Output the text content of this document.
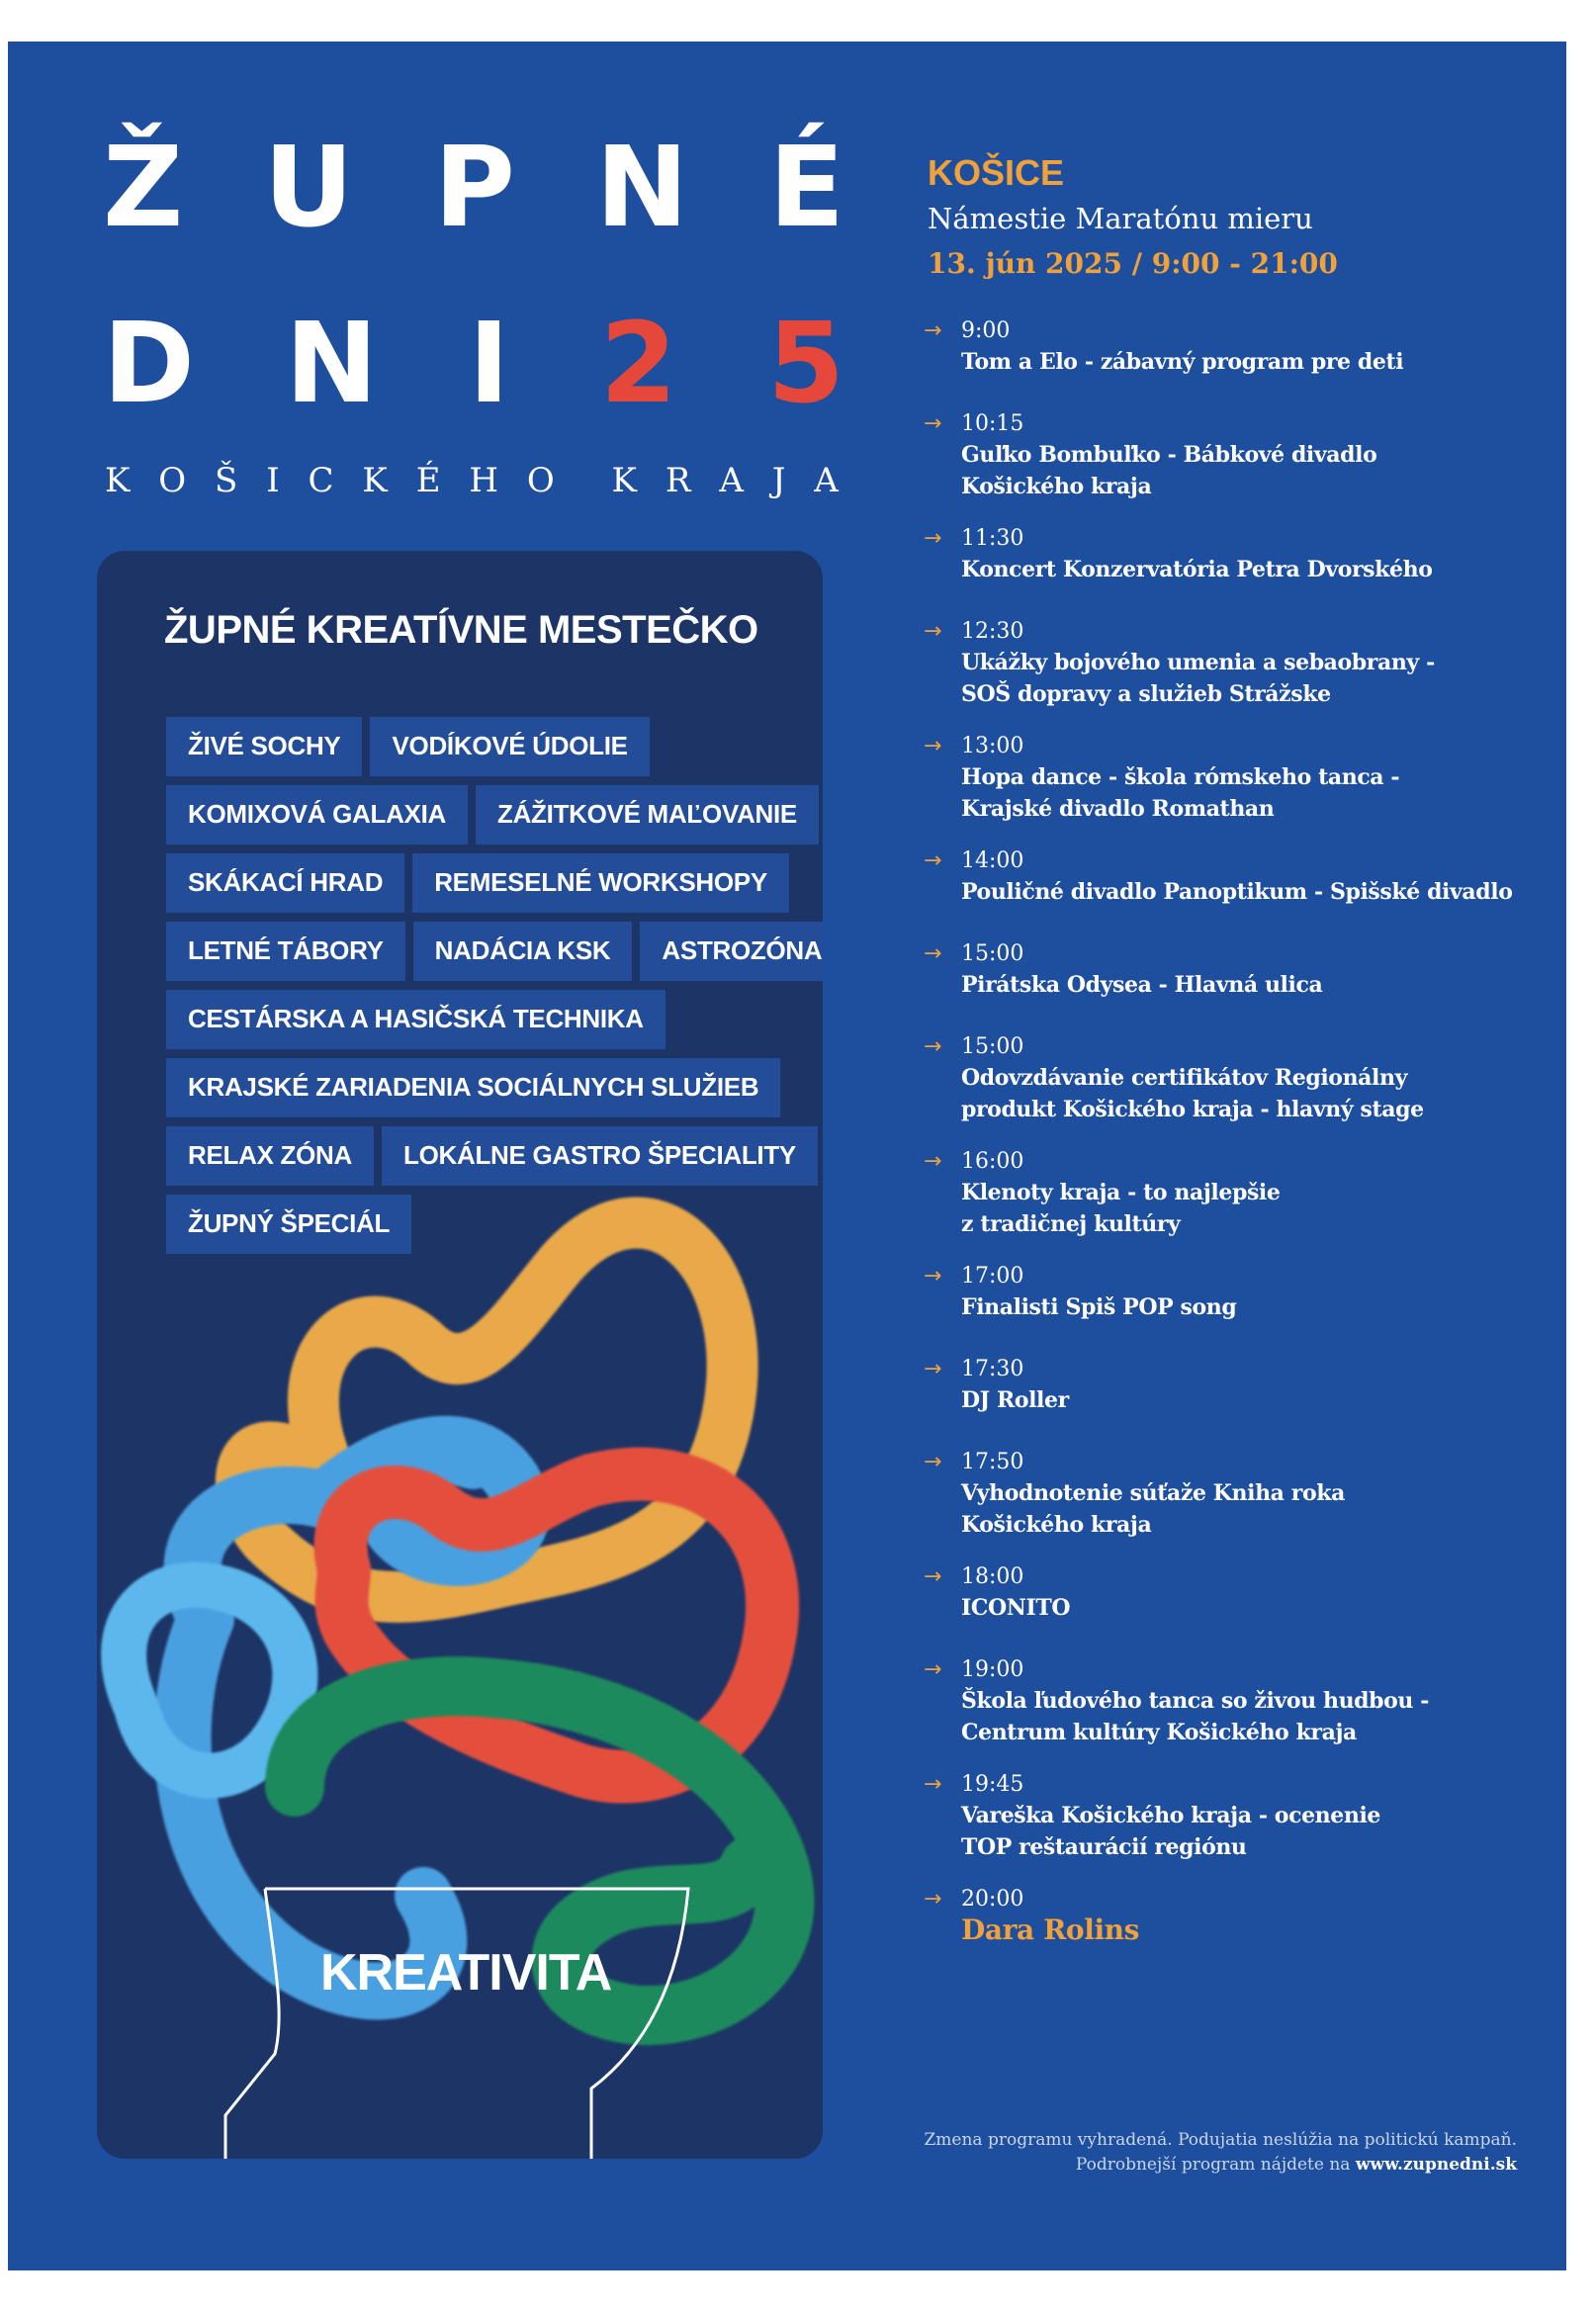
Ž U P N É
D N I 2 5
K O Š I C K É H O K R A J A
ŽUPNÉ KREATÍVNE MESTEČKO
ŽIVÉ SOCHY	VODÍKOVÉ ÚDOLIE
KOMIXOVÁ GALAXIA	ZÁŽITKOVÉ MAĽOVANIE
SKÁKACÍ HRAD	REMESELNÉ WORKSHOPY
LETNÉ TÁBORY	NADÁCIA KSK	ASTROZÓNA
CESTÁRSKA A HASIČSKÁ TECHNIKA
KRAJSKÉ ZARIADENIA SOCIÁLNYCH SLUŽIEB
RELAX ZÓNA	LOKÁLNE GASTRO ŠPECIALITY
ŽUPNÝ ŠPECIÁL
KREATIVITA
KOŠICE
Námestie Maratónu mieru
13. jún 2025 / 9:00 - 21:00
→ 9:00
Tom a Elo - zábavný program pre deti
→ 10:15
Guľko Bombuľko - Bábkové divadlo
Košického kraja
→ 11:30
Koncert Konzervatória Petra Dvorského
→ 12:30
Ukážky bojového umenia a sebaobrany -
SOŠ dopravy a služieb Strážske
→ 13:00
Hopa dance - škola rómskeho tanca -
Krajské divadlo Romathan
→ 14:00
Pouličné divadlo Panoptikum - Spišské divadlo
→ 15:00
Pirátska Odysea - Hlavná ulica
→ 15:00
Odovzdávanie certifikátov Regionálny
produkt Košického kraja - hlavný stage
→ 16:00
Klenoty kraja - to najlepšie
z tradičnej kultúry
→ 17:00
Finalisti Spiš POP song
→ 17:30
DJ Roller
→ 17:50
Vyhodnotenie súťaže Kniha roka
Košického kraja
→ 18:00
ICONITO
→ 19:00
Škola ľudového tanca so živou hudbou -
Centrum kultúry Košického kraja
→ 19:45
Vareška Košického kraja - ocenenie
TOP reštaurácií regiónu
→ 20:00
Dara Rolins
Zmena programu vyhradená. Podujatia neslúžia na politickú kampaň.
Podrobnejší program nájdete na www.zupnedni.sk
